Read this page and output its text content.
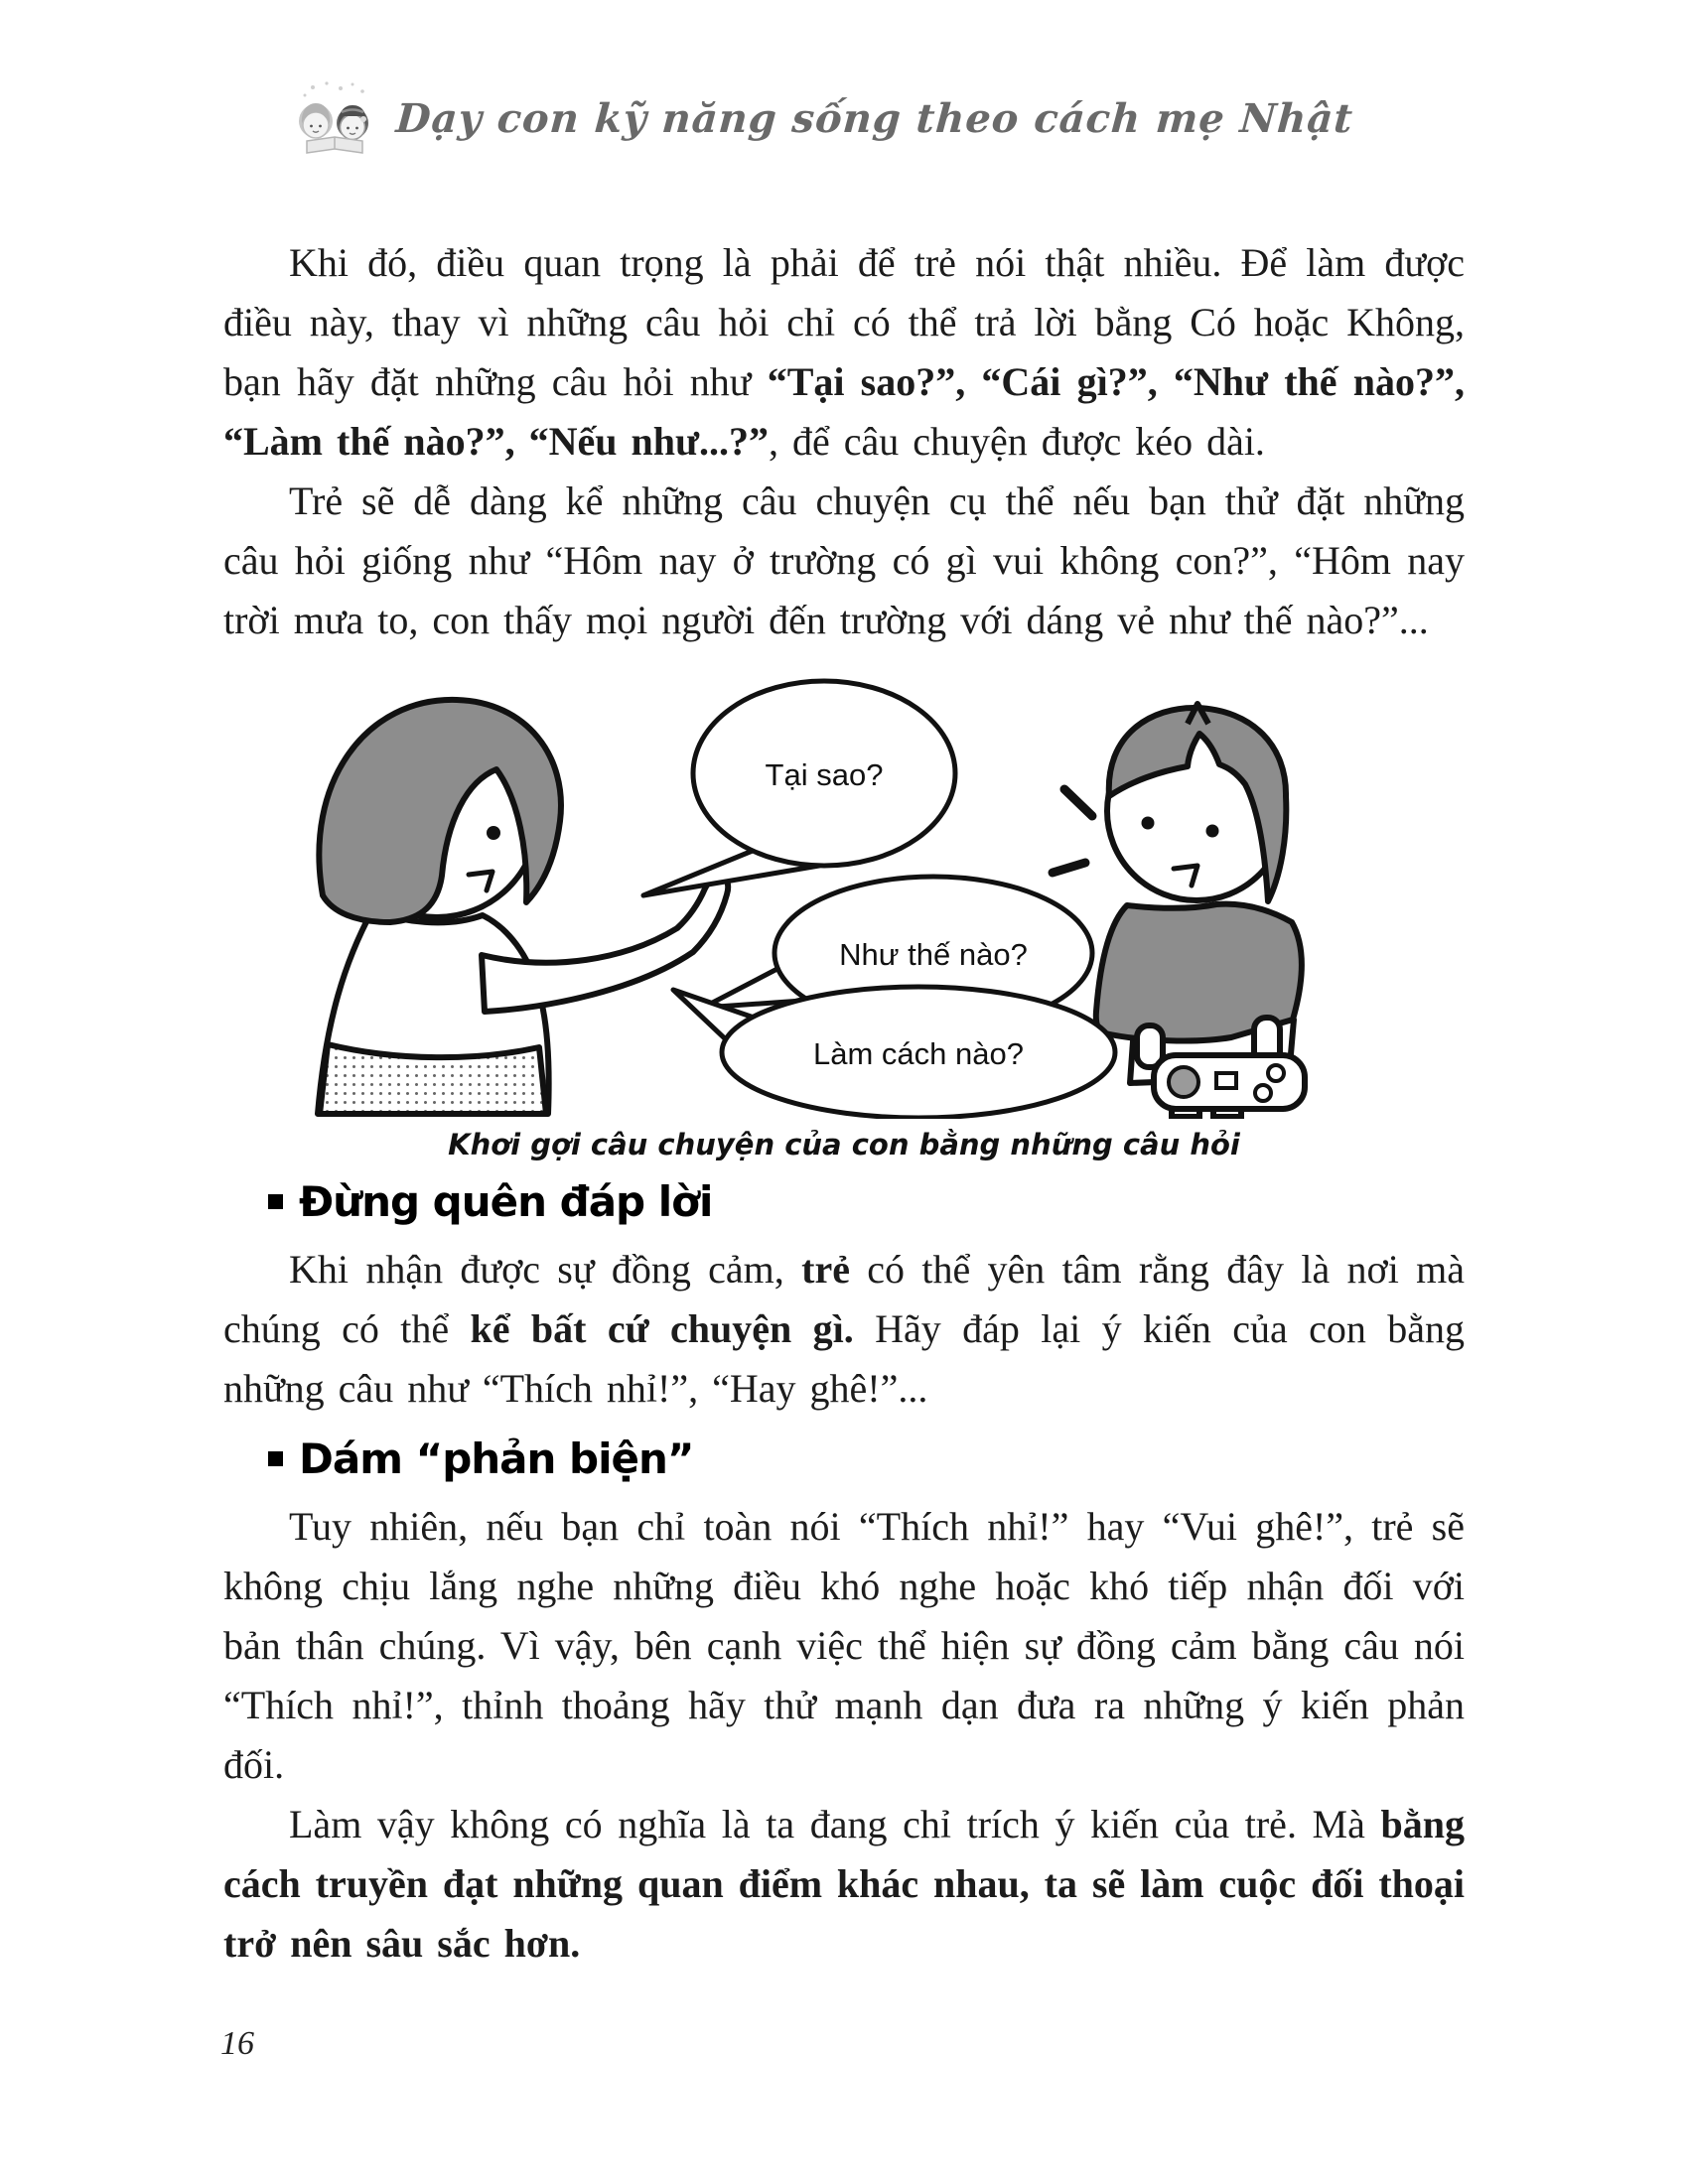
Dạy con kỹ năng sống theo cách mẹ Nhật

Khi đó, điều quan trọng là phải để trẻ nói thật nhiều. Để làm được điều này, thay vì những câu hỏi chỉ có thể trả lời bằng Có hoặc Không, bạn hãy đặt những câu hỏi như “Tại sao?”, “Cái gì?”, “Như thế nào?”, “Làm thế nào?”, “Nếu như...?”, để câu chuyện được kéo dài.

Trẻ sẽ dễ dàng kể những câu chuyện cụ thể nếu bạn thử đặt những câu hỏi giống như “Hôm nay ở trường có gì vui không con?”, “Hôm nay trời mưa to, con thấy mọi người đến trường với dáng vẻ như thế nào?”...

Tại sao?
Như thế nào?
Làm cách nào?
Khơi gợi câu chuyện của con bằng những câu hỏi
Đừng quên đáp lời

Khi nhận được sự đồng cảm, trẻ có thể yên tâm rằng đây là nơi mà chúng có thể kể bất cứ chuyện gì. Hãy đáp lại ý kiến của con bằng những câu như “Thích nhỉ!”, “Hay ghê!”...

Dám “phản biện”

Tuy nhiên, nếu bạn chỉ toàn nói “Thích nhỉ!” hay “Vui ghê!”, trẻ sẽ không chịu lắng nghe những điều khó nghe hoặc khó tiếp nhận đối với bản thân chúng. Vì vậy, bên cạnh việc thể hiện sự đồng cảm bằng câu nói “Thích nhỉ!”, thỉnh thoảng hãy thử mạnh dạn đưa ra những ý kiến phản đối.

Làm vậy không có nghĩa là ta đang chỉ trích ý kiến của trẻ. Mà bằng cách truyền đạt những quan điểm khác nhau, ta sẽ làm cuộc đối thoại trở nên sâu sắc hơn.

16
